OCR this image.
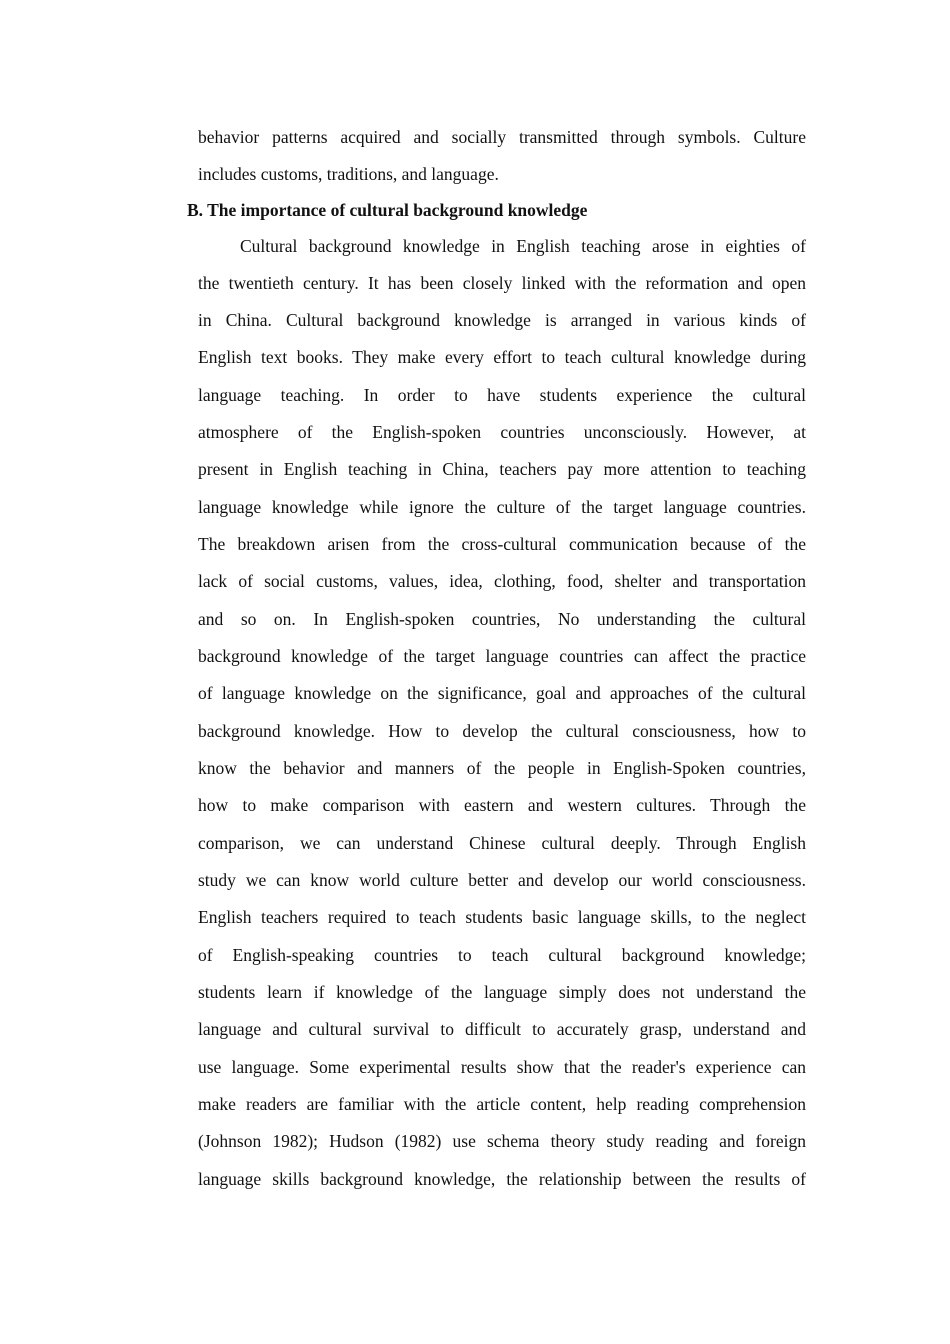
behavior patterns acquired and socially transmitted through symbols. Culture
includes customs, traditions, and language.
B. The importance of cultural background knowledge
Cultural background knowledge in English teaching arose in eighties of
the twentieth century. It has been closely linked with the reformation and open
in China. Cultural background knowledge is arranged in various kinds of
English text books. They make every effort to teach cultural knowledge during
language teaching. In order to have students experience the cultural
atmosphere of the English-spoken countries unconsciously. However, at
present in English teaching in China, teachers pay more attention to teaching
language knowledge while ignore the culture of the target language countries.
The breakdown arisen from the cross-cultural communication because of the
lack of social customs, values, idea, clothing, food, shelter and transportation
and so on. In English-spoken countries, No understanding the cultural
background knowledge of the target language countries can affect the practice
of language knowledge on the significance, goal and approaches of the cultural
background knowledge. How to develop the cultural consciousness, how to
know the behavior and manners of the people in English-Spoken countries,
how to make comparison with eastern and western cultures. Through the
comparison, we can understand Chinese cultural deeply. Through English
study we can know world culture better and develop our world consciousness.
English teachers required to teach students basic language skills, to the neglect
of English-speaking countries to teach cultural background knowledge;
students learn if knowledge of the language simply does not understand the
language and cultural survival to difficult to accurately grasp, understand and
use language. Some experimental results show that the reader's experience can
make readers are familiar with the article content, help reading comprehension
(Johnson 1982); Hudson (1982) use schema theory study reading and foreign
language skills background knowledge, the relationship between the results of
